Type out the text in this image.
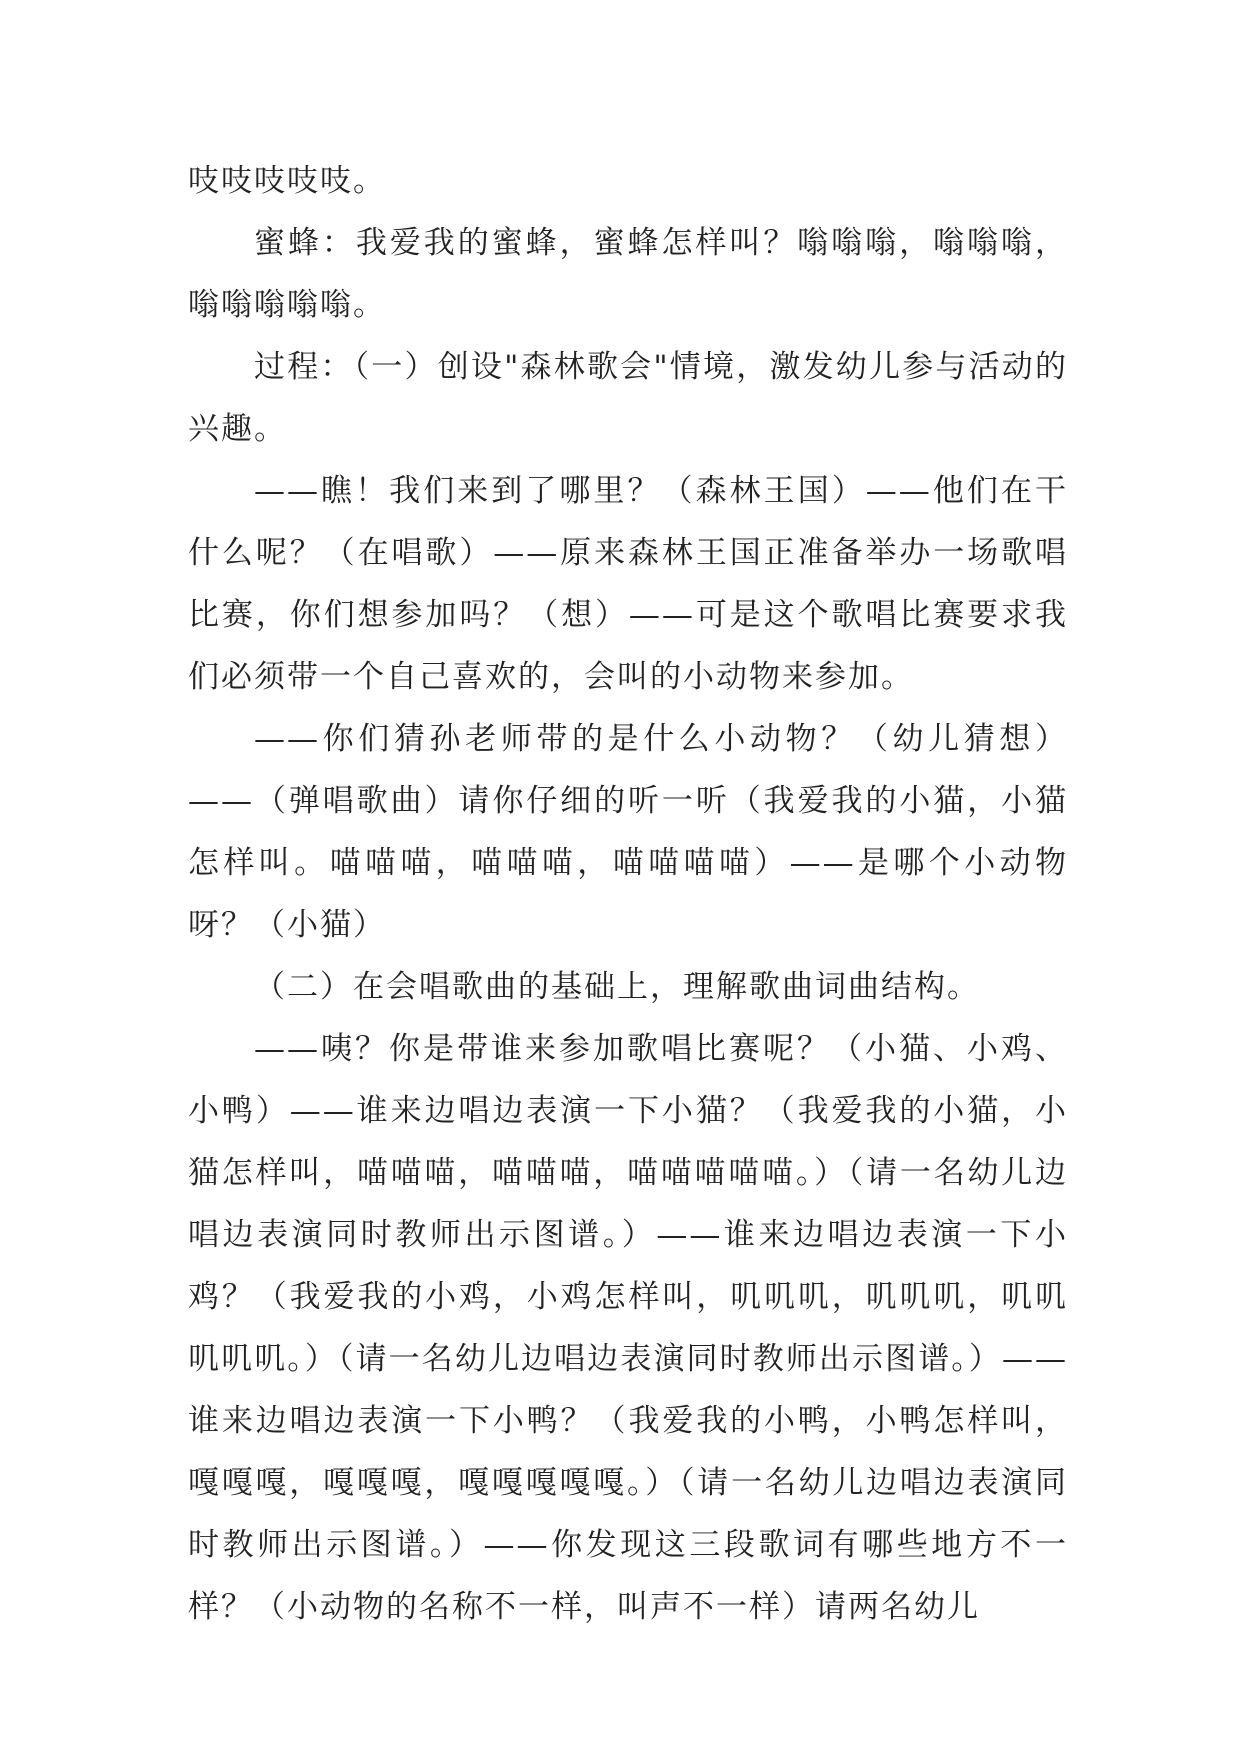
吱吱吱吱吱。

蜜蜂：我爱我的蜜蜂，蜜蜂怎样叫？嗡嗡嗡，嗡嗡嗡，嗡嗡嗡嗡嗡。

过程：（一）创设"森林歌会"情境，激发幼儿参与活动的兴趣。

——瞧！我们来到了哪里？（森林王国）——他们在干什么呢？（在唱歌）——原来森林王国正准备举办一场歌唱比赛，你们想参加吗？（想）——可是这个歌唱比赛要求我们必须带一个自己喜欢的，会叫的小动物来参加。

——你们猜孙老师带的是什么小动物？（幼儿猜想）——（弹唱歌曲）请你仔细的听一听（我爱我的小猫，小猫怎样叫。喵喵喵，喵喵喵，喵喵喵喵）——是哪个小动物呀？（小猫）

（二）在会唱歌曲的基础上，理解歌曲词曲结构。

——咦？你是带谁来参加歌唱比赛呢？（小猫、小鸡、小鸭）——谁来边唱边表演一下小猫？（我爱我的小猫，小猫怎样叫，喵喵喵，喵喵喵，喵喵喵喵喵。）（请一名幼儿边唱边表演同时教师出示图谱。）——谁来边唱边表演一下小鸡？（我爱我的小鸡，小鸡怎样叫，叽叽叽，叽叽叽，叽叽叽叽叽。）（请一名幼儿边唱边表演同时教师出示图谱。）——谁来边唱边表演一下小鸭？（我爱我的小鸭，小鸭怎样叫，嘎嘎嘎，嘎嘎嘎，嘎嘎嘎嘎嘎。）（请一名幼儿边唱边表演同时教师出示图谱。）——你发现这三段歌词有哪些地方不一样？（小动物的名称不一样，叫声不一样）请两名幼儿
